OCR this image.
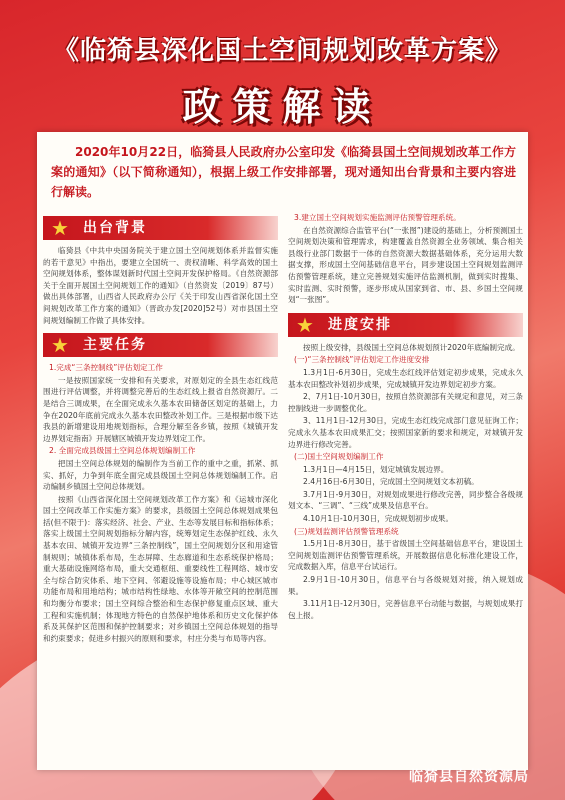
《临猗县深化国土空间规划改革方案》
政策解读
2020年10月22日，临猗县人民政府办公室印发《临猗县国土空间规划改革工作方案的通知》（以下简称通知），根据上级工作安排部署，现对通知出台背景和主要内容进行解读。
★ 出台背景

临猗县《中共中央国务院关于建立国土空间规划体系并监督实施的若干意见》中指出，要建立全国统一、责权清晰、科学高效的国土空间规划体系，整体谋划新时代国土空间开发保护格局。《自然资源部关于全面开展国土空间规划工作的通知》（自然资发〔2019〕87号）做出具体部署，山西省人民政府办公厅《关于印发山西省深化国土空间规划改革工作方案的通知》（晋政办发[2020]52号）对市县国土空间规划编制工作做了具体安排。

★ 主要任务

1.完成“三条控制线”评估划定工作

一是按照国家统一安排和有关要求，对原划定的全县生态红线范围进行评估调整，并将调整完善后的生态红线上报省自然资源厅。二是结合三调成果，在全面完成永久基本农田储备区划定的基础上，力争在2020年底前完成永久基本农田整改补划工作。三是根据市级下达我县的新增建设用地规划指标，合理分解至各乡镇，按照《城镇开发边界划定指南》开展辖区城镇开发边界划定工作。

2. 全面完成县级国土空间总体规划编制工作

把国土空间总体规划的编制作为当前工作的重中之重，抓紧、抓实、抓好，力争到年底全面完成县级国土空间总体规划编制工作。启动编制乡镇国土空间总体规划。

按照《山西省深化国土空间规划改革工作方案》和《运城市深化国土空间改革工作实施方案》的要求，县级国土空间总体规划成果包括(但不限于)：落实经济、社会、产业、生态等发展目标和指标体系；落实上级国土空间规划指标分解内容，统筹划定生态保护红线、永久基本农田、城镇开发边界“三条控制线”，国土空间规划分区和用途管制规则；城镇体系布局，生态屏障、生态廊道和生态系统保护格局；重大基础设施网络布局，重大交通枢纽、重要线性工程网络、城市安全与综合防灾体系、地下空间、邻避设施等设施布局；中心城区城市功能布局和用地结构；城市结构性绿地、水体等开敞空间的控制范围和均衡分布要求；国土空间综合整治和生态保护修复重点区域、重大工程和实施机制；体现地方特色的自然保护地体系和历史文化保护体系及其保护区范围和保护控制要求；对乡镇国土空间总体规划的指导和约束要求；促进乡村振兴的原则和要求，村庄分类与布局等内容。

3.建立国土空间规划实施监测评估预警管理系统。

在自然资源综合监管平台(“一张图”)建设的基础上，分析预测国土空间规划决策和管理需求，构建覆盖自然资源全业务领域、集合相关县级行业部门数据于一体的自然资源大数据基础体系，充分运用大数据支撑，形成国土空间基础信息平台，同步建设国土空间规划监测评估预警管理系统，建立完善规划实施评估监测机制，做到实时搜集、实时监测、实时预警，逐步形成从国家到省、市、县、乡国土空间规划“一张图”。

★ 进度安排

按照上级安排，县级国土空间总体规划预计2020年底编制完成。

(一)“三条控制线”评估划定工作进度安排

1.3月1日-6月30日，完成生态红线评估划定初步成果，完成永久基本农田整改补划初步成果，完成城镇开发边界划定初步方案。

2、7月1日-10月30日，按照自然资源部有关规定和意见，对三条控制线进一步调整优化。

3、11月1日-12月30日，完成生态红线完成部门意见征询工作；完成永久基本农田成果汇交；按照国家新的要求和规定，对城镇开发边界进行修改完善。

(二)国土空间规划编制工作

1.3月1日—4月15日，划定城镇发展边界。

2.4月16日-6月30日，完成国土空间规划文本初稿。

3.7月1日-9月30日，对规划成果进行修改完善，同步整合各级规划文本、“三调”、“三线”成果及信息平台。

4.10月1日-10月30日，完成规划初步成果。

(三)规划监测评估预警管理系统

1.5月1日-8月30日，基于省级国土空间基础信息平台，建设国土空间规划监测评估预警管理系统，开展数据信息化标准化建设工作，完成数据入库，信息平台试运行。

2.9月1日-10月30日，信息平台与各级规划对接，纳入规划成果。

3.11月1日-12月30日，完善信息平台动能与数据，与规划成果打包上报。

临猗县自然资源局
